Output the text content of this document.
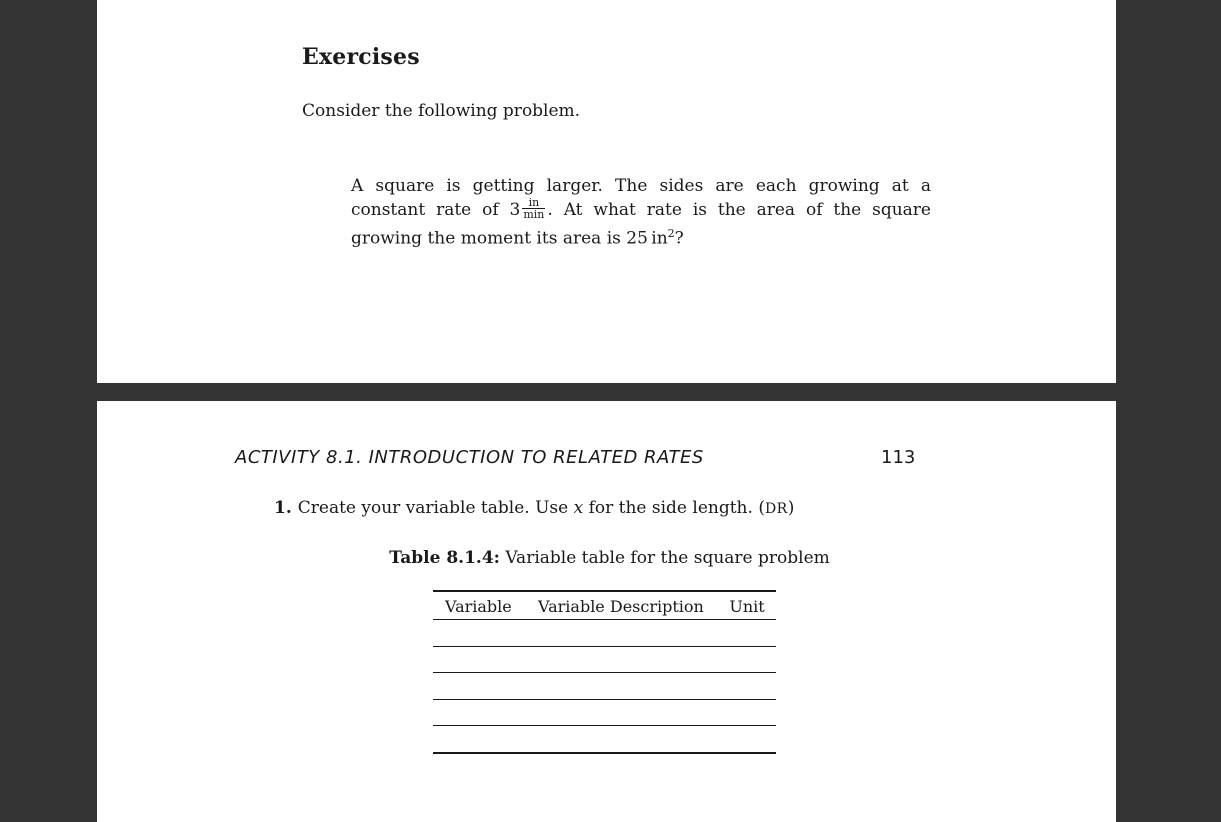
Exercises
Consider the following problem.
A square is getting larger. The sides are each growing at a constant rate of $3 \frac{in}{\min}$ . At what rate is the area of the square growing the moment its area is 25 $in^2$?
ACTIVITY 8.1. INTRODUCTION TO RELATED RATES	113
1. Create your variable table. Use x for the side length. (DR)
Table 8.1.4: Variable table for the square problem
Variable	Variable Description	Unit
